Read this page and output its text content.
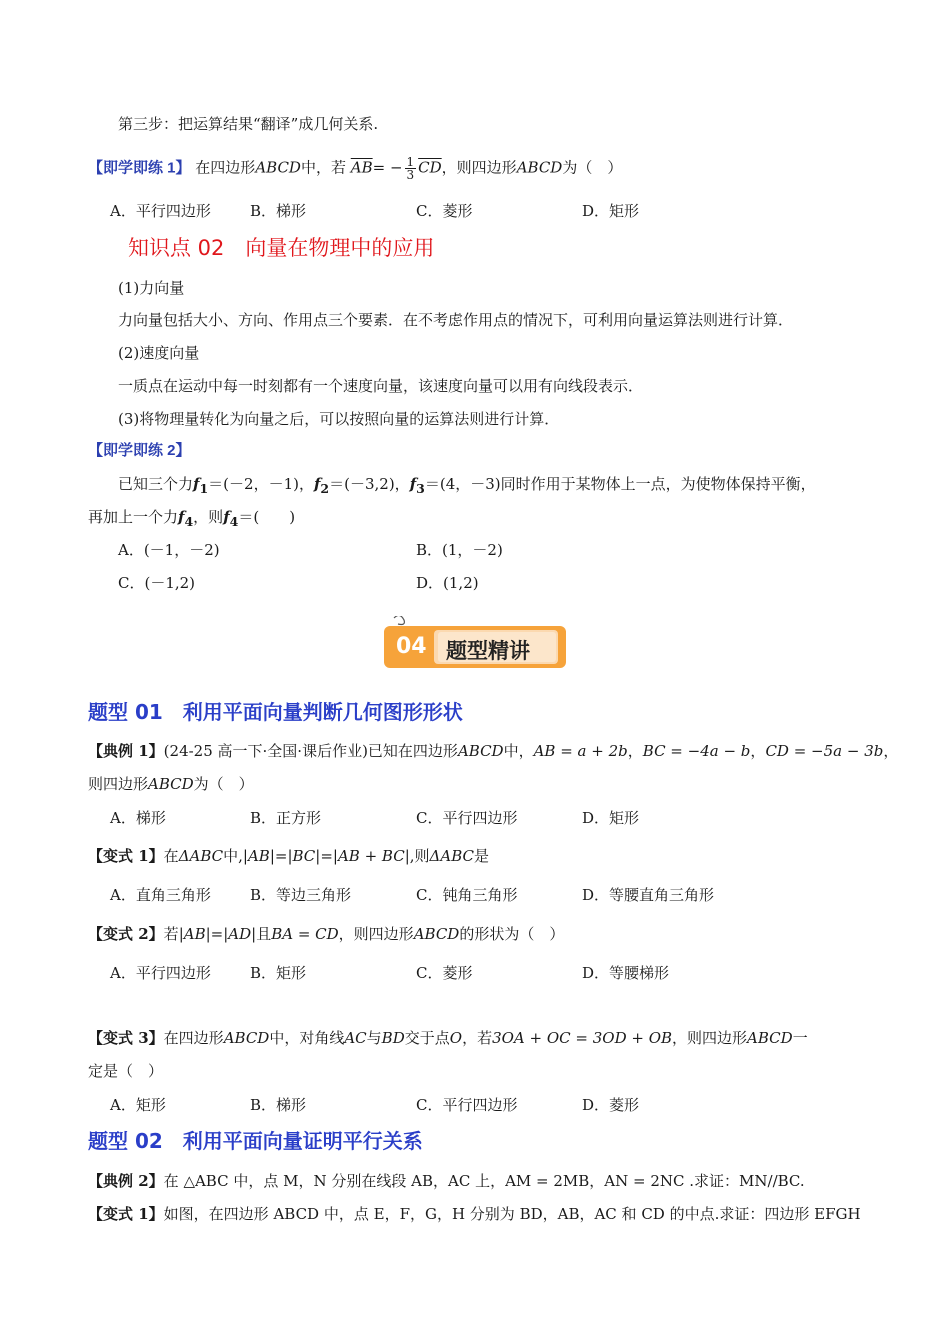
第三步：把运算结果“翻译”成几何关系.
【即学即练 1】 在四边形ABCD中，若 $\overline{AB}= - \frac{1}{3} \overline{CD}$，则四边形ABCD为（　）
A．平行四边形	B．梯形	C．菱形	D．矩形
知识点 02　向量在物理中的应用
(1)力向量
力向量包括大小、方向、作用点三个要素．在不考虑作用点的情况下，可利用向量运算法则进行计算．
(2)速度向量
一质点在运动中每一时刻都有一个速度向量，该速度向量可以用有向线段表示．
(3)将物理量转化为向量之后，可以按照向量的运算法则进行计算．
【即学即练 2】
已知三个力$f_1=(-2$，－1)，$f_2=(-3,2)$，$f_3=(4$，－3)同时作用于某物体上一点，为使物体保持平衡，
再加上一个力$f_4$，则$f_4=$(　　)
A．(－1，－2)	B．(1，－2)
C．(－1,2)	D．(1,2)
04 题型精讲
题型 01　利用平面向量判断几何图形形状
【典例 1】(24-25 高一下·全国·课后作业)已知在四边形ABCD中，AB = a + 2b，BC = −4a − b，CD = −5a − 3b，
则四边形ABCD为（　）
A．梯形	B．正方形	C．平行四边形	D．矩形
【变式 1】在ΔABC中,|AB|=|BC|=|AB + BC|,则ΔABC是
A．直角三角形	B．等边三角形	C．钝角三角形	D．等腰直角三角形
【变式 2】若|AB|=|AD|且BA = CD，则四边形ABCD的形状为（　）
A．平行四边形	B．矩形	C．菱形	D．等腰梯形
【变式 3】在四边形ABCD中，对角线AC与BD交于点O，若3OA + OC = 3OD + OB，则四边形ABCD一
定是（　）
A．矩形	B．梯形	C．平行四边形	D．菱形
题型 02　利用平面向量证明平行关系
【典例 2】在 △ABC 中，点 M，N 分别在线段 AB，AC 上，AM = 2MB，AN = 2NC .求证：MN//BC.
【变式 1】如图，在四边形 ABCD 中，点 E，F，G，H 分别为 BD，AB，AC 和 CD 的中点.求证：四边形 EFGH
